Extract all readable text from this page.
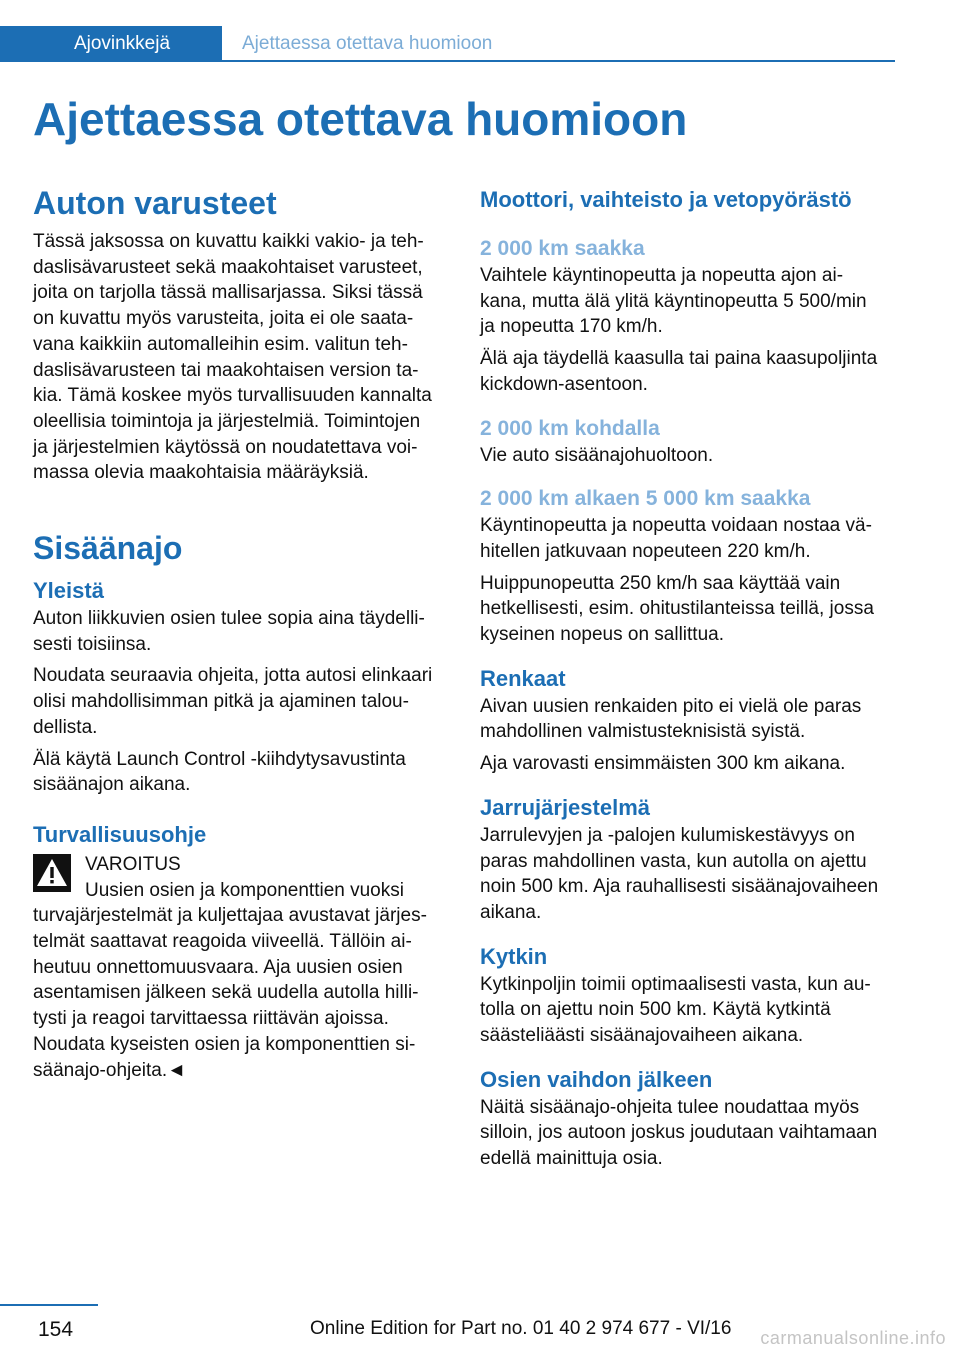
Ajovinkkejä	Ajettaessa otettava huomioon
Ajettaessa otettava huomioon
Auton varusteet

Tässä jaksossa on kuvattu kaikki vakio- ja teh‐
daslisävarusteet sekä maakohtaiset varusteet,
joita on tarjolla tässä mallisarjassa. Siksi tässä
on kuvattu myös varusteita, joita ei ole saata‐
vana kaikkiin automalleihin esim. valitun teh‐
daslisävarusteen tai maakohtaisen version ta‐
kia. Tämä koskee myös turvallisuuden kannalta
oleellisia toimintoja ja järjestelmiä. Toimintojen
ja järjestelmien käytössä on noudatettava voi‐
massa olevia maakohtaisia määräyksiä.

Sisäänajo
Yleistä

Auton liikkuvien osien tulee sopia aina täydelli‐
sesti toisiinsa.

Noudata seuraavia ohjeita, jotta autosi elinkaari
olisi mahdollisimman pitkä ja ajaminen talou‐
dellista.

Älä käytä Launch Control -kiihdytysavustinta
sisäänajon aikana.

Turvallisuusohje

VAROITUS

Uusien osien ja komponenttien vuoksi

turvajärjestelmät ja kuljettajaa avustavat järjes‐
telmät saattavat reagoida viiveellä. Tällöin ai‐
heutuu onnettomuusvaara. Aja uusien osien
asentamisen jälkeen sekä uudella autolla hilli‐
tysti ja reagoi tarvittaessa riittävän ajoissa.
Noudata kyseisten osien ja komponenttien si‐
säänajo-ohjeita.◄

Moottori, vaihteisto ja vetopyörästö
2 000 km saakka

Vaihtele käyntinopeutta ja nopeutta ajon ai‐
kana, mutta älä ylitä käyntinopeutta 5 500/min
ja nopeutta 170 km/h.

Älä aja täydellä kaasulla tai paina kaasupoljinta
kickdown-asentoon.

2 000 km kohdalla

Vie auto sisäänajohuoltoon.

2 000 km alkaen 5 000 km saakka

Käyntinopeutta ja nopeutta voidaan nostaa vä‐
hitellen jatkuvaan nopeuteen 220 km/h.

Huippunopeutta 250 km/h saa käyttää vain
hetkellisesti, esim. ohitustilanteissa teillä, jossa
kyseinen nopeus on sallittua.

Renkaat

Aivan uusien renkaiden pito ei vielä ole paras
mahdollinen valmistusteknisistä syistä.

Aja varovasti ensimmäisten 300 km aikana.

Jarrujärjestelmä

Jarrulevyjen ja -palojen kulumiskestävyys on
paras mahdollinen vasta, kun autolla on ajettu
noin 500 km. Aja rauhallisesti sisäänajovaiheen
aikana.

Kytkin

Kytkinpoljin toimii optimaalisesti vasta, kun au‐
tolla on ajettu noin 500 km. Käytä kytkintä
säästeliäästi sisäänajovaiheen aikana.

Osien vaihdon jälkeen

Näitä sisäänajo-ohjeita tulee noudattaa myös
silloin, jos autoon joskus joudutaan vaihtamaan
edellä mainittuja osia.

154	Online Edition for Part no. 01 40 2 974 677 - VI/16 carmanualsonline.info
